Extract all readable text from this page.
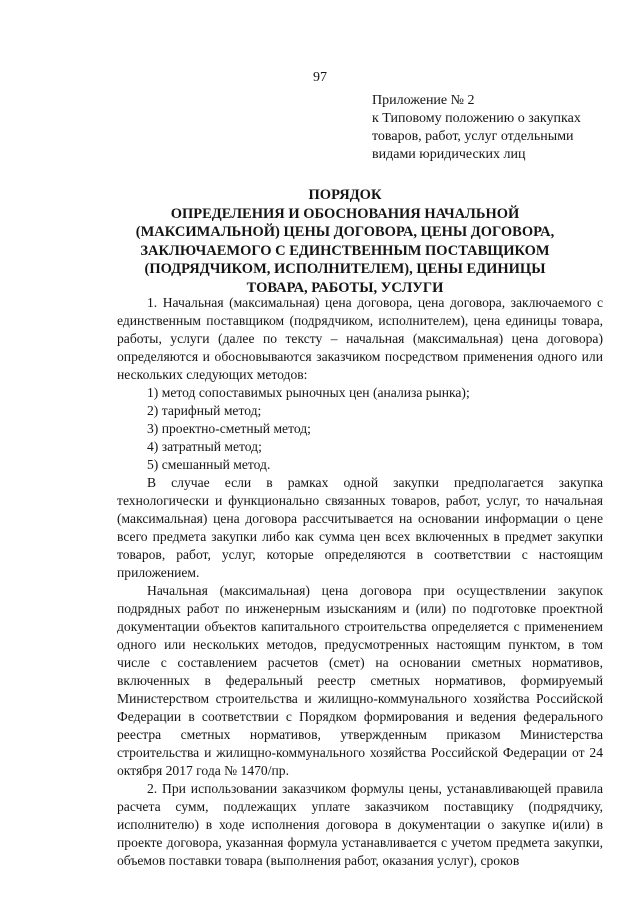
97
Приложение № 2
к Типовому положению о закупках
товаров, работ, услуг отдельными
видами юридических лиц
ПОРЯДОК
ОПРЕДЕЛЕНИЯ И ОБОСНОВАНИЯ НАЧАЛЬНОЙ
(МАКСИМАЛЬНОЙ) ЦЕНЫ ДОГОВОРА, ЦЕНЫ ДОГОВОРА,
ЗАКЛЮЧАЕМОГО С ЕДИНСТВЕННЫМ ПОСТАВЩИКОМ
(ПОДРЯДЧИКОМ, ИСПОЛНИТЕЛЕМ), ЦЕНЫ ЕДИНИЦЫ
ТОВАРА, РАБОТЫ, УСЛУГИ

1. Начальная (максимальная) цена договора, цена договора, заключаемого с единственным поставщиком (подрядчиком, исполнителем), цена единицы товара, работы, услуги (далее по тексту – начальная (максимальная) цена договора) определяются и обосновываются заказчиком посредством применения одного или нескольких следующих методов:

1) метод сопоставимых рыночных цен (анализа рынка);

2) тарифный метод;

3) проектно-сметный метод;

4) затратный метод;

5) смешанный метод.

В случае если в рамках одной закупки предполагается закупка технологически и функционально связанных товаров, работ, услуг, то начальная (максимальная) цена договора рассчитывается на основании информации о цене всего предмета закупки либо как сумма цен всех включенных в предмет закупки товаров, работ, услуг, которые определяются в соответствии с настоящим приложением.

Начальная (максимальная) цена договора при осуществлении закупок подрядных работ по инженерным изысканиям и (или) по подготовке проектной документации объектов капитального строительства определяется с применением одного или нескольких методов, предусмотренных настоящим пунктом, в том числе с составлением расчетов (смет) на основании сметных нормативов, включенных в федеральный реестр сметных нормативов, формируемый Министерством строительства и жилищно-коммунального хозяйства Российской Федерации в соответствии с Порядком формирования и ведения федерального реестра сметных нормативов, утвержденным приказом Министерства строительства и жилищно-коммунального хозяйства Российской Федерации от 24 октября 2017 года № 1470/пр.

2. При использовании заказчиком формулы цены, устанавливающей правила расчета сумм, подлежащих уплате заказчиком поставщику (подрядчику, исполнителю) в ходе исполнения договора в документации о закупке и(или) в проекте договора, указанная формула устанавливается с учетом предмета закупки, объемов поставки товара (выполнения работ, оказания услуг), сроков
